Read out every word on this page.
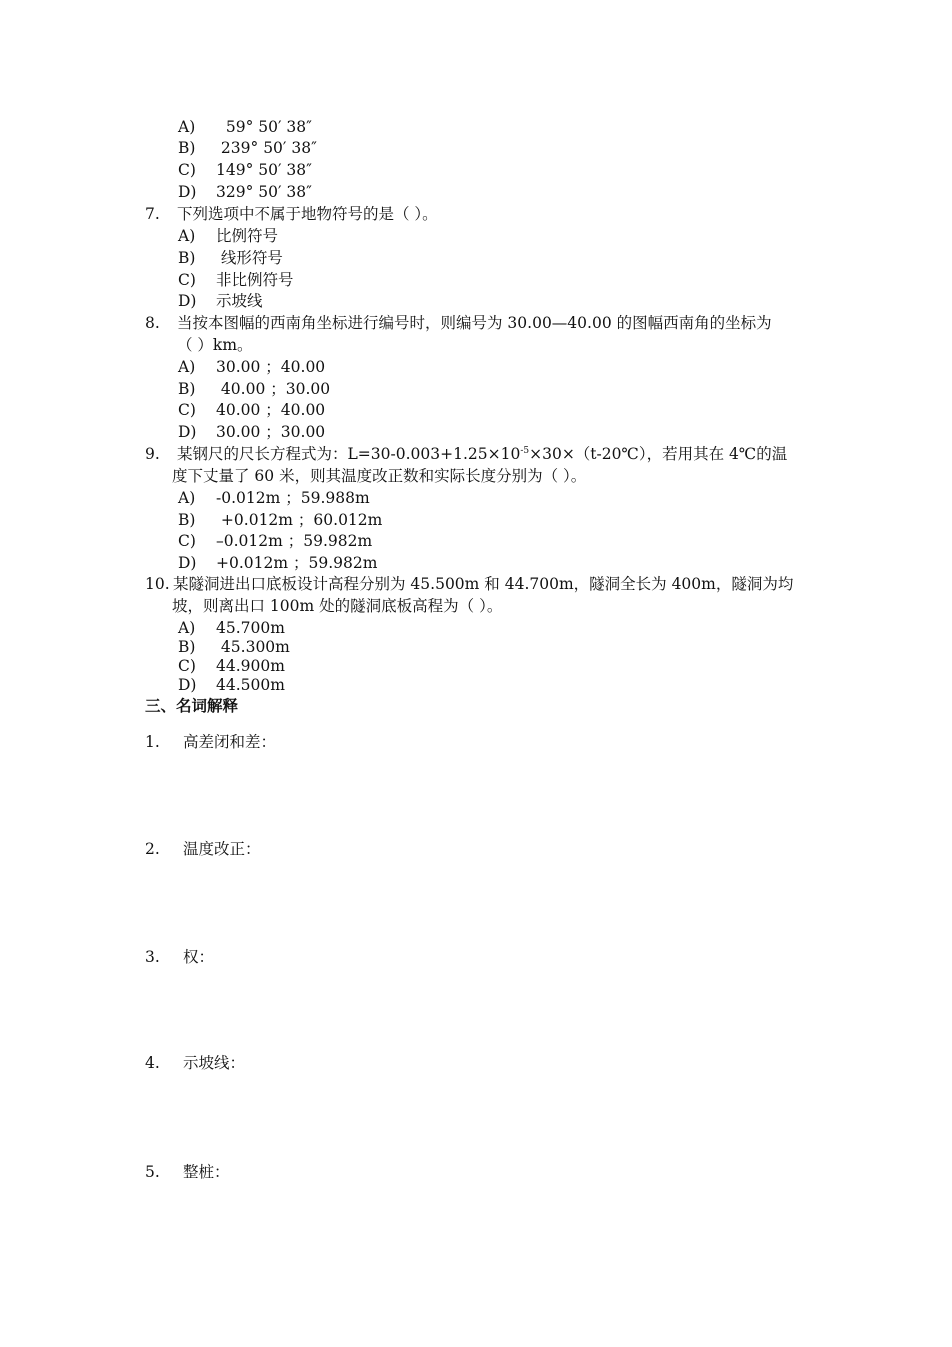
A)  59° 50′ 38″
B) 239° 50′ 38″
C) 149° 50′ 38″
D) 329° 50′ 38″
7. 下列选项中不属于地物符号的是（ ）。
A) 比例符号
B) 线形符号
C) 非比例符号
D) 示坡线
8. 当按本图幅的西南角坐标进行编号时，则编号为 30.00—40.00 的图幅西南角的坐标为
（ ）km。
A) 30.00 ；40.00
B) 40.00 ；30.00
C) 40.00 ；40.00
D) 30.00 ；30.00
9. 某钢尺的尺长方程式为：$L=30-0.003+1.25\times 10^{-5}\times 30\times(t-20℃)$，若用其在 4℃的温
度下丈量了 60 米，则其温度改正数和实际长度分别为（ ）。
A) -0.012m ；59.988m
B) +0.012m ；60.012m
C) –0.012m ；59.982m
D) +0.012m ；59.982m
10. 某隧洞进出口底板设计高程分别为 45.500m 和 44.700m，隧洞全长为 400m，隧洞为均
坡，则离出口 100m 处的隧洞底板高程为（ ）。
A) 45.700m
B) 45.300m
C) 44.900m
D) 44.500m
三、名词解释
1. 高差闭和差：
2. 温度改正：
3. 权：
4. 示坡线：
5. 整桩：
